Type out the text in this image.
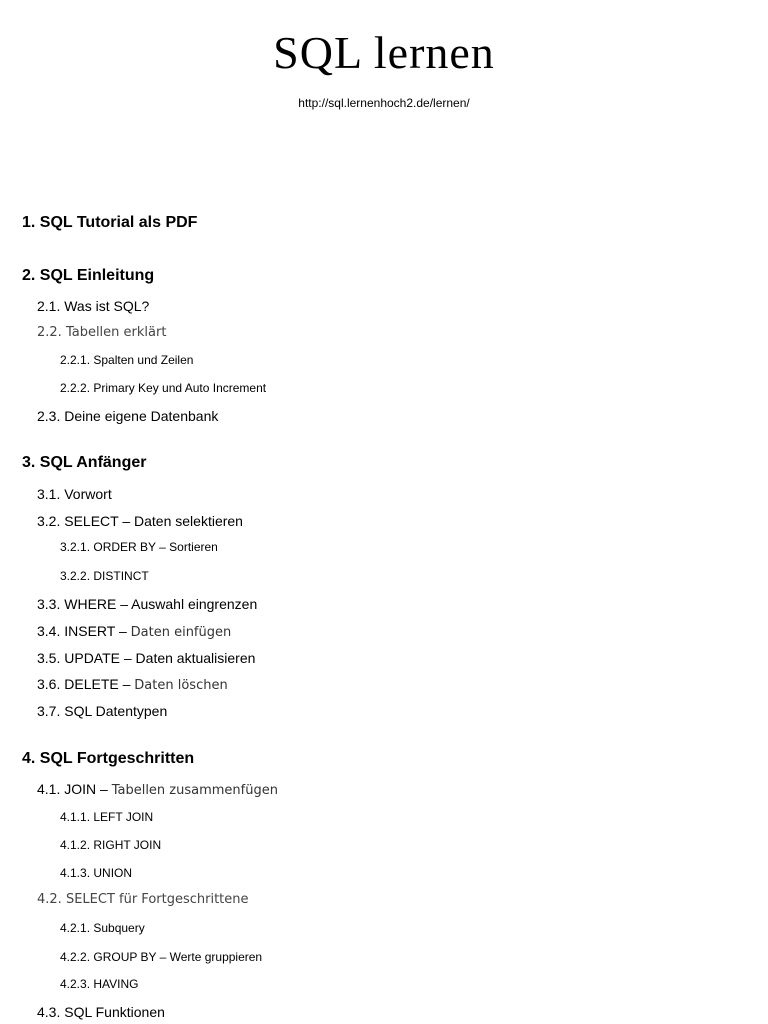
SQL lernen
http://sql.lernenhoch2.de/lernen/
1. SQL Tutorial als PDF
2. SQL Einleitung
2.1. Was ist SQL?
2.2. Tabellen erklärt
2.2.1. Spalten und Zeilen
2.2.2. Primary Key und Auto Increment
2.3. Deine eigene Datenbank
3. SQL Anfänger
3.1. Vorwort
3.2. SELECT – Daten selektieren
3.2.1. ORDER BY – Sortieren
3.2.2. DISTINCT
3.3. WHERE – Auswahl eingrenzen
3.4. INSERT – Daten einfügen
3.5. UPDATE – Daten aktualisieren
3.6. DELETE – Daten löschen
3.7. SQL Datentypen
4. SQL Fortgeschritten
4.1. JOIN – Tabellen zusammenfügen
4.1.1. LEFT JOIN
4.1.2. RIGHT JOIN
4.1.3. UNION
4.2. SELECT für Fortgeschrittene
4.2.1. Subquery
4.2.2. GROUP BY – Werte gruppieren
4.2.3. HAVING
4.3. SQL Funktionen
